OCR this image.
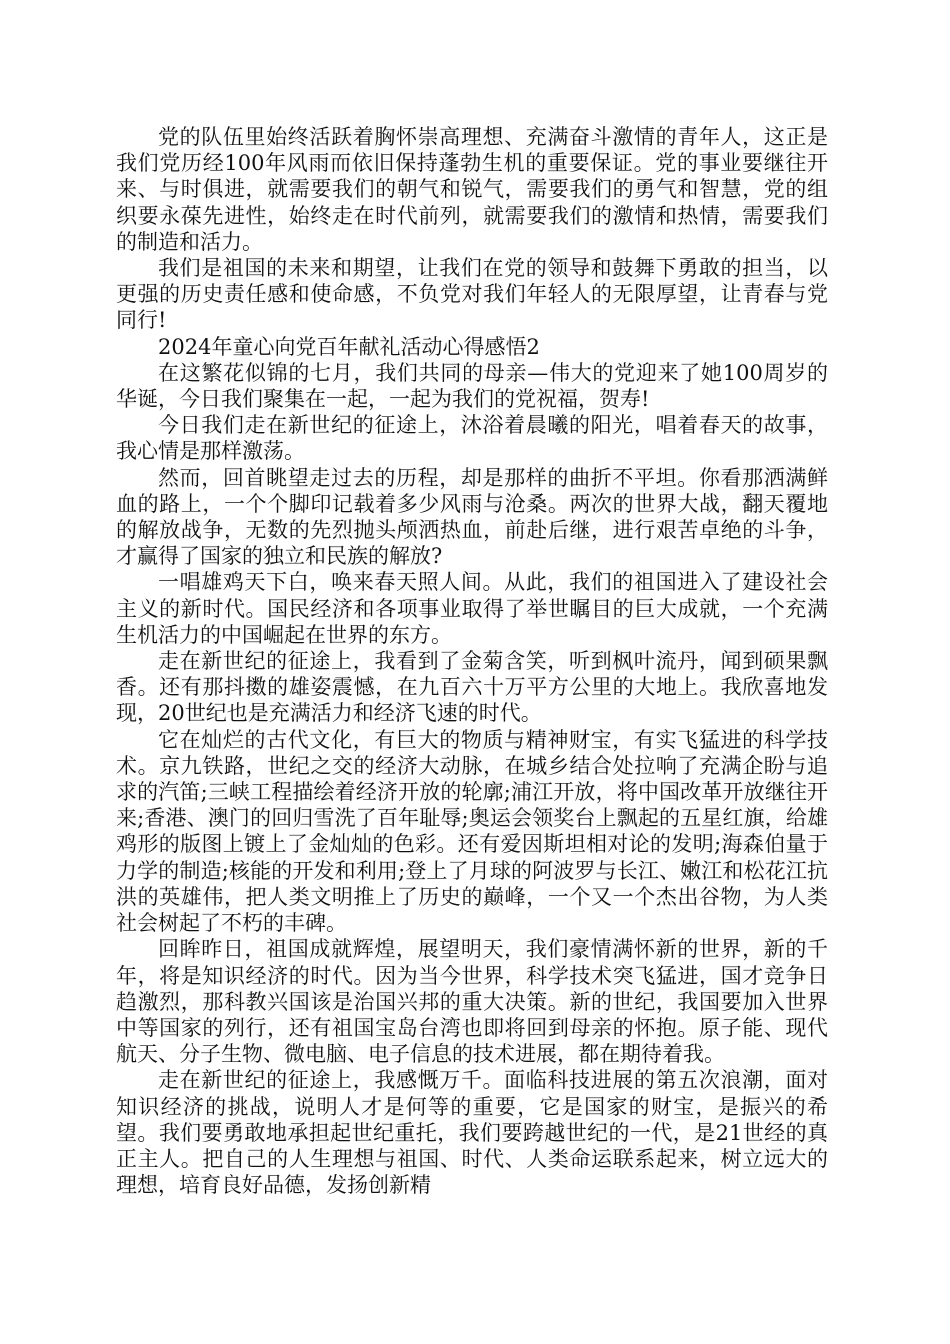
党的队伍里始终活跃着胸怀崇高理想、充满奋斗激情的青年人，这正是我们党历经100年风雨而依旧保持蓬勃生机的重要保证。党的事业要继往开来、与时俱进，就需要我们的朝气和锐气，需要我们的勇气和智慧，党的组织要永葆先进性，始终走在时代前列，就需要我们的激情和热情，需要我们的制造和活力。

我们是祖国的未来和期望，让我们在党的领导和鼓舞下勇敢的担当，以更强的历史责任感和使命感，不负党对我们年轻人的无限厚望，让青春与党同行!

2024年童心向党百年献礼活动心得感悟2

在这繁花似锦的七月，我们共同的母亲—伟大的党迎来了她100周岁的华诞，今日我们聚集在一起，一起为我们的党祝福，贺寿!

今日我们走在新世纪的征途上，沐浴着晨曦的阳光，唱着春天的故事，我心情是那样激荡。

然而，回首眺望走过去的历程，却是那样的曲折不平坦。你看那洒满鲜血的路上，一个个脚印记载着多少风雨与沧桑。两次的世界大战，翻天覆地的解放战争，无数的先烈抛头颅洒热血，前赴后继，进行艰苦卓绝的斗争，才赢得了国家的独立和民族的解放?

一唱雄鸡天下白，唤来春天照人间。从此，我们的祖国进入了建设社会主义的新时代。国民经济和各项事业取得了举世瞩目的巨大成就，一个充满生机活力的中国崛起在世界的东方。

走在新世纪的征途上，我看到了金菊含笑，听到枫叶流丹，闻到硕果飘香。还有那抖擞的雄姿震憾，在九百六十万平方公里的大地上。我欣喜地发现，20世纪也是充满活力和经济飞速的时代。

它在灿烂的古代文化，有巨大的物质与精神财宝，有实飞猛进的科学技术。京九铁路，世纪之交的经济大动脉，在城乡结合处拉响了充满企盼与追求的汽笛;三峡工程描绘着经济开放的轮廓;浦江开放，将中国改革开放继往开来;香港、澳门的回归雪洗了百年耻辱;奥运会领奖台上飘起的五星红旗，给雄鸡形的版图上镀上了金灿灿的色彩。还有爱因斯坦相对论的发明;海森伯量于力学的制造;核能的开发和利用;登上了月球的阿波罗与长江、嫩江和松花江抗洪的英雄伟，把人类文明推上了历史的巅峰，一个又一个杰出谷物，为人类社会树起了不朽的丰碑。

回眸昨日，祖国成就辉煌，展望明天，我们豪情满怀新的世界，新的千年，将是知识经济的时代。因为当今世界，科学技术突飞猛进，国才竞争日趋激烈，那科教兴国该是治国兴邦的重大决策。新的世纪，我国要加入世界中等国家的列行，还有祖国宝岛台湾也即将回到母亲的怀抱。原子能、现代航天、分子生物、微电脑、电子信息的技术进展，都在期待着我。

走在新世纪的征途上，我感慨万千。面临科技进展的第五次浪潮，面对知识经济的挑战，说明人才是何等的重要，它是国家的财宝，是振兴的希望。我们要勇敢地承担起世纪重托，我们要跨越世纪的一代，是21世经的真正主人。把自己的人生理想与祖国、时代、人类命运联系起来，树立远大的理想，培育良好品德，发扬创新精
